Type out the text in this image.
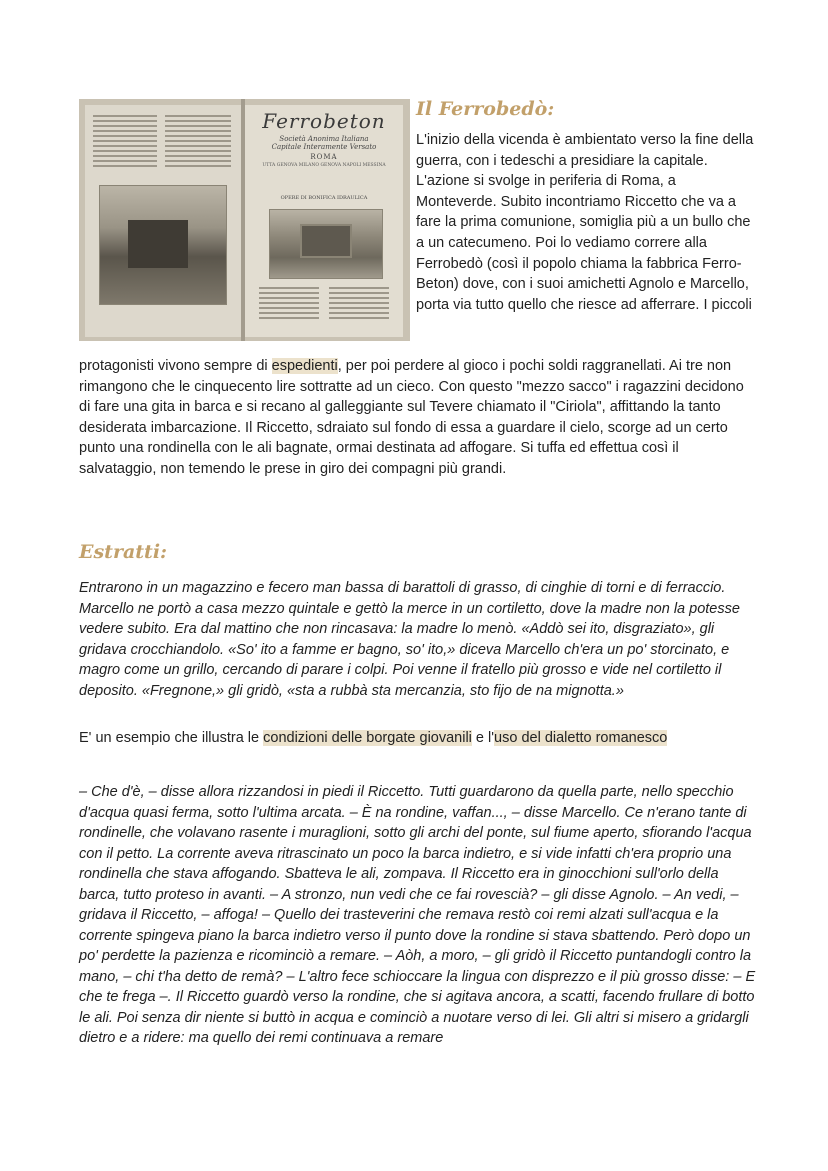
Ferrobeton
Società Anonima Italiana
Capitale Interamente Versato
ROMA
UTTA GENOVA MILANO GENOVA NAPOLI MESSINA
OPERE DI BONIFICA IDRAULICA
Il Ferrobedò:

L'inizio della vicenda è ambientato verso la fine della guerra, con i tedeschi a presidiare la capitale. L'azione si svolge in periferia di Roma, a Monteverde. Subito incontriamo Riccetto che va a fare la prima comunione, somiglia più a un bullo che a un catecumeno. Poi lo vediamo correre alla Ferrobedò (così il popolo chiama la fabbrica Ferro-Beton) dove, con i suoi amichetti Agnolo e Marcello, porta via tutto quello che riesce ad afferrare. I piccoli

protagonisti vivono sempre di espedienti, per poi perdere al gioco i pochi soldi raggranellati. Ai tre non rimangono che le cinquecento lire sottratte ad un cieco. Con questo "mezzo sacco" i ragazzini decidono di fare una gita in barca e si recano al galleggiante sul Tevere chiamato il "Ciriola", affittando la tanto desiderata imbarcazione. Il Riccetto, sdraiato sul fondo di essa a guardare il cielo, scorge ad un certo punto una rondinella con le ali bagnate, ormai destinata ad affogare. Si tuffa ed effettua così il salvataggio, non temendo le prese in giro dei compagni più grandi.

Estratti:

Entrarono in un magazzino e fecero man bassa di barattoli di grasso, di cinghie di torni e di ferraccio. Marcello ne portò a casa mezzo quintale e gettò la merce in un cortiletto, dove la madre non la potesse vedere subito. Era dal mattino che non rincasava: la madre lo menò. «Addò sei ito, disgraziato», gli gridava crocchiandolo. «So' ito a famme er bagno, so' ito,» diceva Marcello ch'era un po' storcinato, e magro come un grillo, cercando di parare i colpi. Poi venne il fratello più grosso e vide nel cortiletto il deposito. «Fregnone,» gli gridò, «sta a rubbà sta mercanzia, sto fijo de na mignotta.»

E' un esempio che illustra le condizioni delle borgate giovanili e l'uso del dialetto romanesco

– Che d'è, – disse allora rizzandosi in piedi il Riccetto. Tutti guardarono da quella parte, nello specchio d'acqua quasi ferma, sotto l'ultima arcata. – È na rondine, vaffan..., – disse Marcello. Ce n'erano tante di rondinelle, che volavano rasente i muraglioni, sotto gli archi del ponte, sul fiume aperto, sfiorando l'acqua con il petto. La corrente aveva ritrascinato un poco la barca indietro, e si vide infatti ch'era proprio una rondinella che stava affogando. Sbatteva le ali, zompava. Il Riccetto era in ginocchioni sull'orlo della barca, tutto proteso in avanti. – A stronzo, nun vedi che ce fai rovescià? – gli disse Agnolo. – An vedi, – gridava il Riccetto, – affoga! – Quello dei trasteverini che remava restò coi remi alzati sull'acqua e la corrente spingeva piano la barca indietro verso il punto dove la rondine si stava sbattendo. Però dopo un po' perdette la pazienza e ricominciò a remare. – Aòh, a moro, – gli gridò il Riccetto puntandogli contro la mano, – chi t'ha detto de remà? – L'altro fece schioccare la lingua con disprezzo e il più grosso disse: – E che te frega –. Il Riccetto guardò verso la rondine, che si agitava ancora, a scatti, facendo frullare di botto le ali. Poi senza dir niente si buttò in acqua e cominciò a nuotare verso di lei. Gli altri si misero a gridargli dietro e a ridere: ma quello dei remi continuava a remare
